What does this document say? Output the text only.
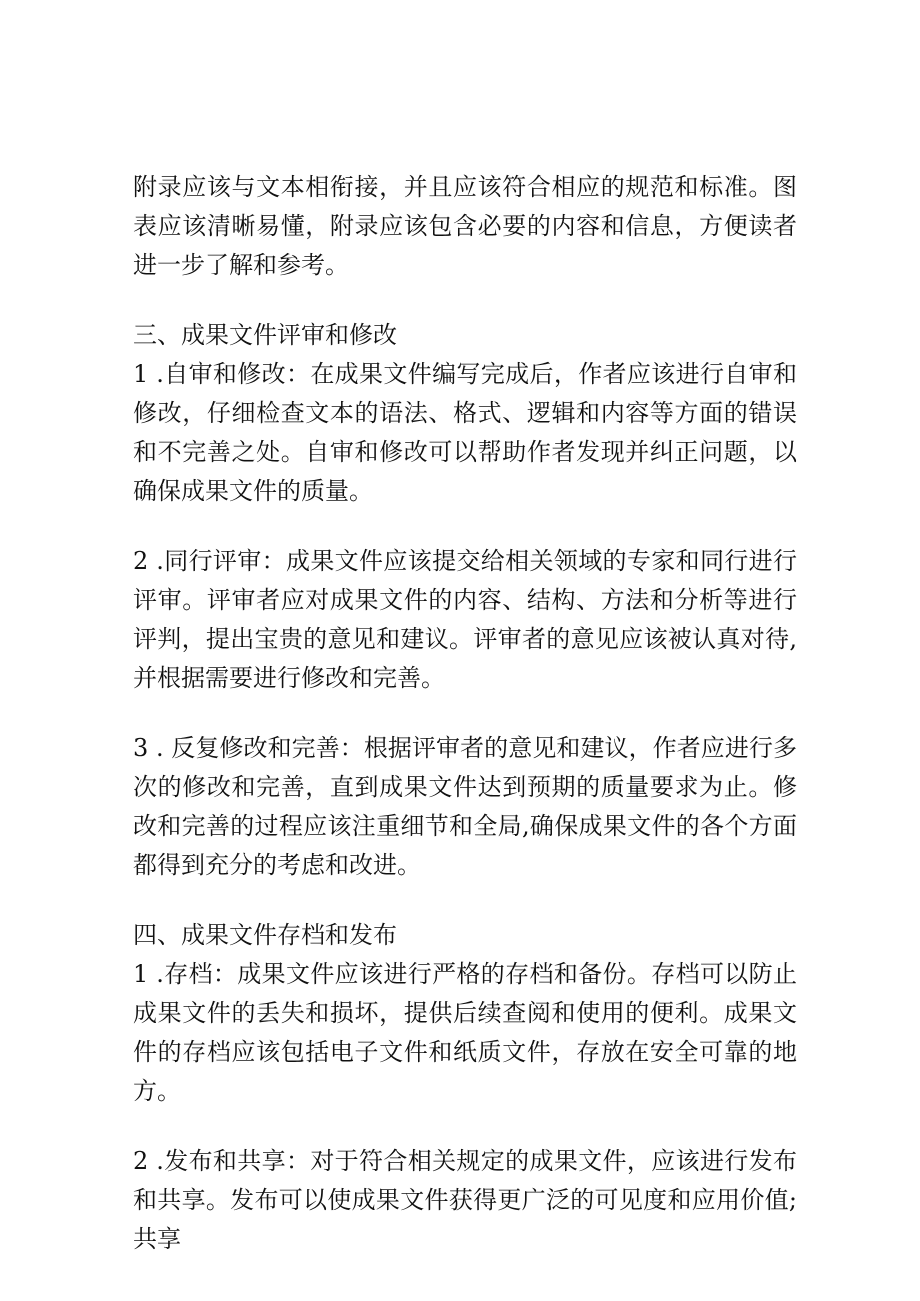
附录应该与文本相衔接，并且应该符合相应的规范和标准。图表应该清晰易懂，附录应该包含必要的内容和信息，方便读者进一步了解和参考。

三、成果文件评审和修改

1 .自审和修改：在成果文件编写完成后，作者应该进行自审和修改，仔细检查文本的语法、格式、逻辑和内容等方面的错误和不完善之处。自审和修改可以帮助作者发现并纠正问题，以确保成果文件的质量。

2 .同行评审：成果文件应该提交给相关领域的专家和同行进行评审。评审者应对成果文件的内容、结构、方法和分析等进行评判，提出宝贵的意见和建议。评审者的意见应该被认真对待,并根据需要进行修改和完善。

3 . 反复修改和完善：根据评审者的意见和建议，作者应进行多次的修改和完善，直到成果文件达到预期的质量要求为止。修改和完善的过程应该注重细节和全局,确保成果文件的各个方面都得到充分的考虑和改进。

四、成果文件存档和发布

1 .存档：成果文件应该进行严格的存档和备份。存档可以防止成果文件的丢失和损坏，提供后续查阅和使用的便利。成果文件的存档应该包括电子文件和纸质文件，存放在安全可靠的地方。

2 .发布和共享：对于符合相关规定的成果文件，应该进行发布和共享。发布可以使成果文件获得更广泛的可见度和应用价值;共享
